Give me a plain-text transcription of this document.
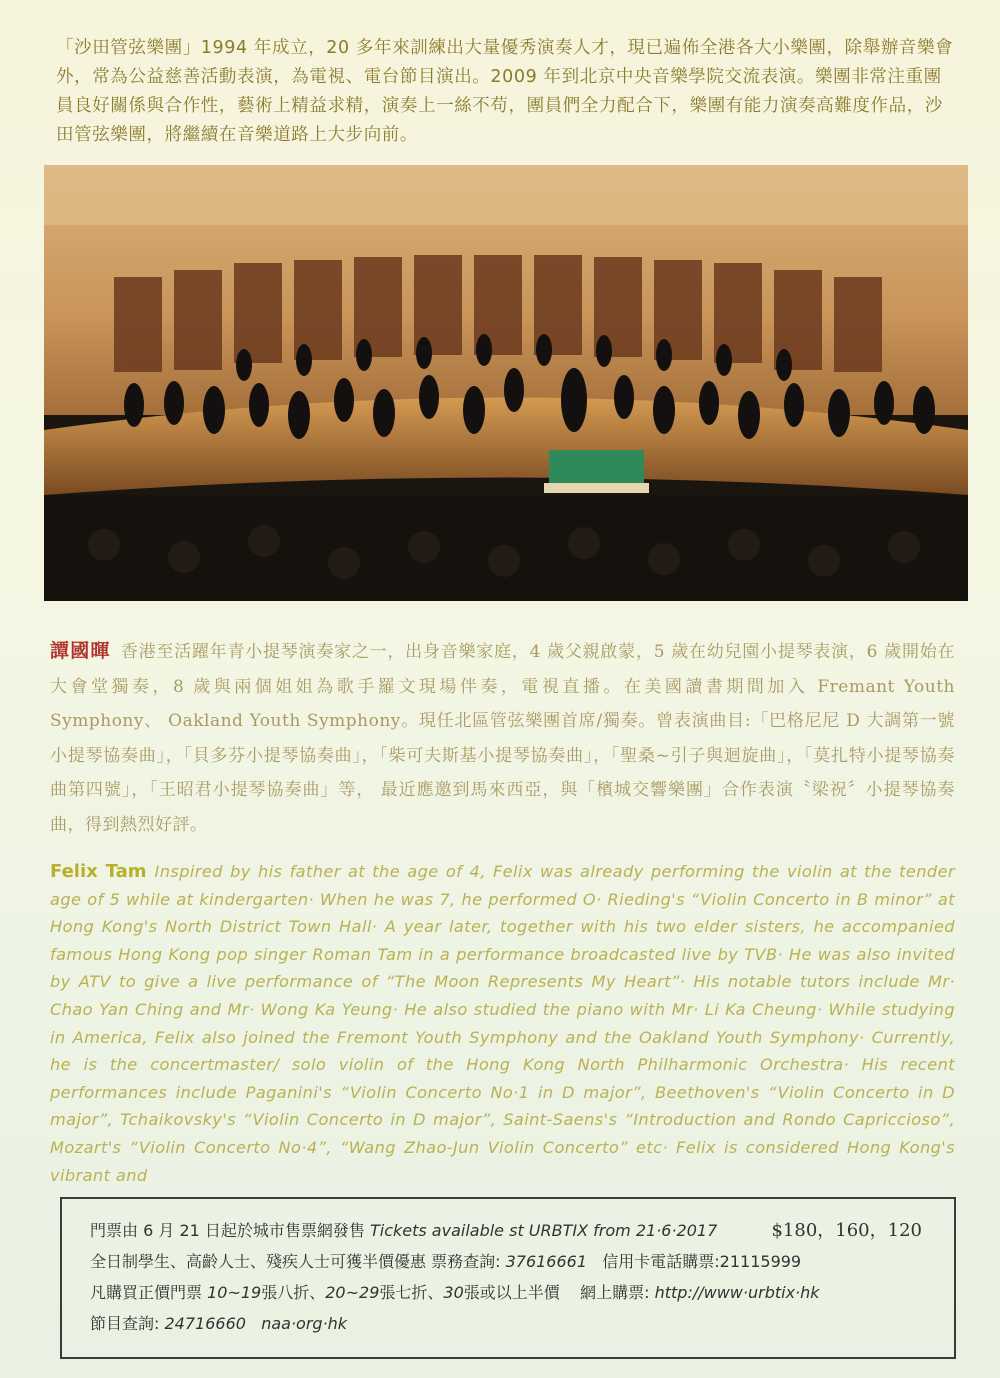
「沙田管弦樂團」1994 年成立，20 多年來訓練出大量優秀演奏人才，現已遍佈全港各大小樂團，除舉辦音樂會外，常為公益慈善活動表演，為電視、電台節目演出。2009 年到北京中央音樂學院交流表演。樂團非常注重團員良好關係與合作性，藝術上精益求精，演奏上一絲不苟，團員們全力配合下，樂團有能力演奏高難度作品，沙田管弦樂團，將繼續在音樂道路上大步向前。
譚國暉 香港至活躍年青小提琴演奏家之一，出身音樂家庭，4 歲父親啟蒙，5 歲在幼兒園小提琴表演，6 歲開始在大會堂獨奏，8 歲與兩個姐姐為歌手羅文現場伴奏，電視直播。在美國讀書期間加入 Fremant Youth Symphony、 Oakland Youth Symphony。現任北區管弦樂團首席/獨奏。曾表演曲目:「巴格尼尼 D 大調第一號小提琴協奏曲」，「貝多芬小提琴協奏曲」，「柴可夫斯基小提琴協奏曲」，「聖桑~引子與迴旋曲」，「莫扎特小提琴協奏曲第四號」，「王昭君小提琴協奏曲」等， 最近應邀到馬來西亞，與「檳城交響樂團」合作表演〝梁祝〞小提琴協奏曲，得到熱烈好評。
Felix Tam Inspired by his father at the age of 4, Felix was already performing the violin at the tender age of 5 while at kindergarten· When he was 7, he performed O· Rieding's “Violin Concerto in B minor” at Hong Kong's North District Town Hall· A year later, together with his two elder sisters, he accompanied famous Hong Kong pop singer Roman Tam in a performance broadcasted live by TVB· He was also invited by ATV to give a live performance of “The Moon Represents My Heart”· His notable tutors include Mr· Chao Yan Ching and Mr· Wong Ka Yeung· He also studied the piano with Mr· Li Ka Cheung· While studying in America, Felix also joined the Fremont Youth Symphony and the Oakland Youth Symphony· Currently, he is the concertmaster/ solo violin of the Hong Kong North Philharmonic Orchestra· His recent performances include Paganini's “Violin Concerto No·1 in D major”, Beethoven's “Violin Concerto in D major”, Tchaikovsky's “Violin Concerto in D major”, Saint-Saens's “Introduction and Rondo Capriccioso”, Mozart's “Violin Concerto No·4”, “Wang Zhao-Jun Violin Concerto” etc· Felix is considered Hong Kong's vibrant and
$180，160，120
門票由 6 月 21 日起於城市售票網發售 Tickets available st URBTIX from 21·6·2017
全日制學生、高齡人士、殘疾人士可獲半價優惠 票務查詢: 37616661 信用卡電話購票:21115999
凡購買正價門票 10~19張八折、20~29張七折、30張或以上半價 網上購票: http://www·urbtix·hk
節目查詢: 24716660 naa·org·hk
